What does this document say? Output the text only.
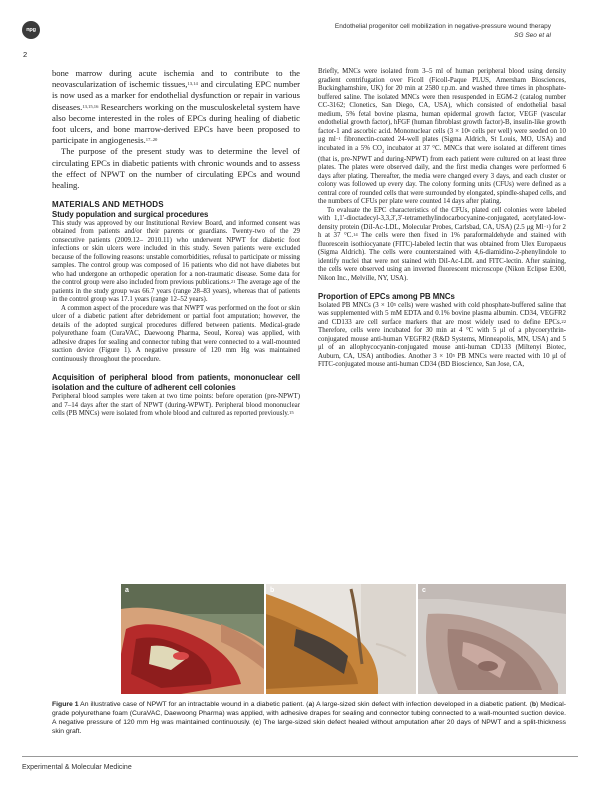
npg	Endothelial progenitor cell mobilization in negative-pressure wound therapy
SG Seo et al
2

bone marrow during acute ischemia and to contribute to the neovascularization of ischemic tissues,$^{13,14}$ and circulating EPC number is now used as a marker for endothelial dysfunction or repair in various diseases.$^{13,15,16}$ Researchers working on the musculoskeletal system have also become interested in the roles of EPCs during healing of diabetic foot ulcers, and bone marrow-derived EPCs have been proposed to participate in angiogenesis.$^{17-20}$

The purpose of the present study was to determine the level of circulating EPCs in diabetic patients with chronic wounds and to assess the effect of NPWT on the number of circulating EPCs and wound healing.

MATERIALS AND METHODS
Study population and surgical procedures

This study was approved by our Institutional Review Board, and informed consent was obtained from patients and/or their parents or guardians. Twenty-two of the 29 consecutive patients (2009.12– 2010.11) who underwent NPWT for diabetic foot infections or skin ulcers were included in this study. Seven patients were excluded because of the following reasons: unstable comorbidities, refusal to participate or missing samples. The control group was composed of 16 patients who did not have diabetes but who had undergone an orthopedic operation for a non-traumatic disease. Some data for the control group were also included from previous publications.$^{21}$ The average age of the patients in the study group was 66.7 years (range 28–83 years), whereas that of patients in the control group was 17.1 years (range 12–52 years).

A common aspect of the procedure was that NWPT was performed on the foot or skin ulcer of a diabetic patient after debridement or partial foot amputation; however, the details of the adopted surgical procedures differed between patients. Medical-grade polyurethane foam (CuraVAC, Daewoong Pharma, Seoul, Korea) was applied, with adhesive drapes for sealing and connector tubing that were connected to a wall-mounted suction device (Figure 1). A negative pressure of 120 mm Hg was maintained continuously throughout the procedure.

Acquisition of peripheral blood from patients, mononuclear cell isolation and the culture of adherent cell colonies

Peripheral blood samples were taken at two time points: before operation (pre-NPWT) and 7–14 days after the start of NPWT (during-WPWT). Peripheral blood mononuclear cells (PB MNCs) were isolated from whole blood and cultured as reported previously.$^{15}$

Briefly, MNCs were isolated from 3–5 ml of human peripheral blood using density gradient centrifugation over Ficoll (Ficoll-Paque PLUS, Amersham Biosciences, Buckinghamshire, UK) for 20 min at 2580 r.p.m. and washed three times in phosphate-buffered saline. The isolated MNCs were then resuspended in EGM-2 (catalog number CC-3162; Clonetics, San Diego, CA, USA), which consisted of endothelial basal medium, 5% fetal bovine plasma, human epidermal growth factor, VEGF (vascular endothelial growth factor), hFGF (human fibroblast growth factor)-B, insulin-like growth factor-1 and ascorbic acid. Mononuclear cells ($3 \times 10^6$ cells per well) were seeded on 10 μg $ml^{-1}$ fibronectin-coated 24-well plates (Sigma Aldrich, St Louis, MO, USA) and incubated in a 5% $CO_2$ incubator at 37 °C. MNCs that were isolated at different times (that is, pre-NPWT and during-NPWT) from each patient were cultured on at least three plates. The plates were observed daily, and the first media changes were performed 6 days after plating. Thereafter, the media were changed every 3 days, and each cluster or colony was followed up every day. The colony forming units (CFUs) were defined as a central core of rounded cells that were surrounded by elongated, spindle-shaped cells, and the numbers of CFUs per plate were counted 14 days after plating.

To evaluate the EPC characteristics of the CFUs, plated cell colonies were labeled with 1,1′-dioctadecyl-3,3,3′,3′-tetramethylindocarbocyanine-conjugated, acetylated-low-density protein (DiI-Ac-LDL, Molecular Probes, Carlsbad, CA, USA) (2.5 μg $Ml^{-1}$) for 2 h at 37 °C.$^{14}$ The cells were then fixed in 1% paraformaldehyde and stained with fluorescein isothiocyanate (FITC)-labeled lectin that was obtained from Ulex Europaeus (Sigma Aldrich). The cells were counterstained with 4,6-diamidino-2-phenylindole to identify nuclei that were not stained with DiI-Ac-LDL and FITC-lectin. After staining, the cells were observed using an inverted fluorescent microscope (Nikon Eclipse E300, Nikon Inc., Melville, NY, USA).

Proportion of EPCs among PB MNCs

Isolated PB MNCs ($3 \times 10^5$ cells) were washed with cold phosphate-buffered saline that was supplemented with 5 mM EDTA and 0.1% bovine plasma albumin. CD34, VEGFR2 and CD133 are cell surface markers that are most widely used to define EPCs.$^{22}$ Therefore, cells were incubated for 30 min at 4 °C with 5 μl of a phycoerythrin-conjugated mouse anti-human VEGFR2 (R&D Systems, Minneapolis, MN, USA) and 5 μl of an allophycocyanin-conjugated mouse anti-human CD133 (Miltenyi Biotec, Auburn, CA, USA) antibodies. Another $3 \times 10^5$ PB MNCs were reacted with 10 μl of FITC-conjugated mouse anti-human CD34 (BD Bioscience, San Jose, CA,

a	b	c
Figure 1 An illustrative case of NPWT for an intractable wound in a diabetic patient. (a) A large-sized skin defect with infection developed in a diabetic patient. (b) Medical-grade polyurethane foam (CuraVAC, Daewoong Pharma) was applied, with adhesive drapes for sealing and connector tubing connected to a wall-mounted suction device. A negative pressure of 120 mm Hg was maintained continuously. (c) The large-sized skin defect healed without amputation after 20 days of NPWT and a split-thickness skin graft.
Experimental & Molecular Medicine
